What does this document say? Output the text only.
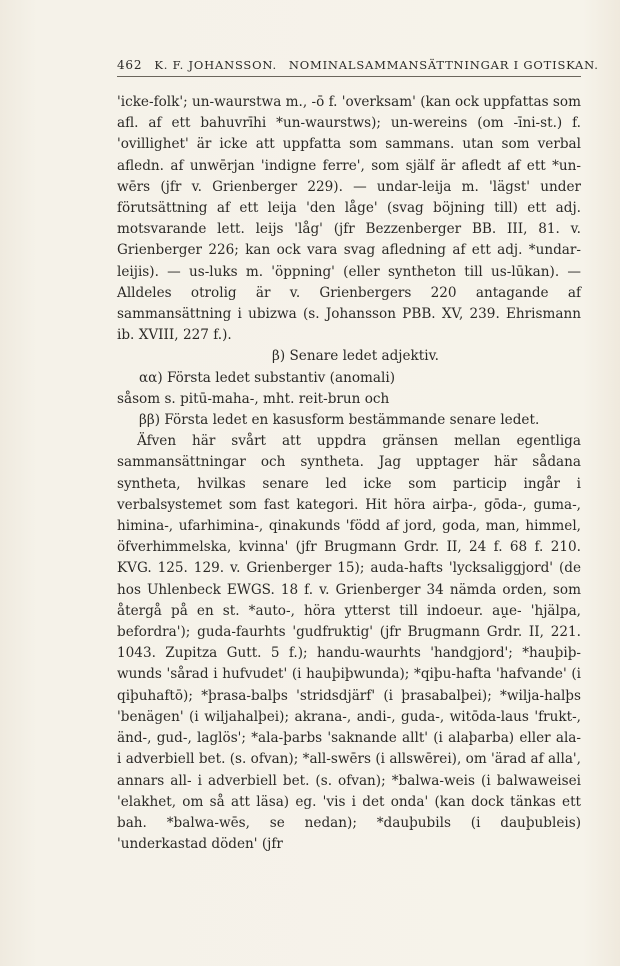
462 K. F. JOHANSSON. NOMINALSAMMANSÄTTNINGAR I GOTISKAN.

'icke-folk'; un-waurstwa m., -ō f. 'overksam' (kan ock uppfattas som afl. af ett bahuvrīhi *un-waurstws); un-wereins (om -īni-st.) f. 'ovillighet' är icke att uppfatta som sammans. utan som verbal afledn. af unwērjan 'indigne ferre', som själf är afledt af ett *un-wērs (jfr v. Grienberger 229). — undar-leija m. 'lägst' under förutsättning af ett leija 'den låge' (svag böjning till) ett adj. motsvarande lett. leijs 'låg' (jfr Bezzenberger BB. III, 81. v. Grienberger 226; kan ock vara svag afledning af ett adj. *undar-leijis). — us-luks m. 'öppning' (eller syntheton till us-lūkan). — Alldeles otrolig är v. Grienbergers 220 antagande af sammansättning i ubizwa (s. Johansson PBB. XV, 239. Ehrismann ib. XVIII, 227 f.).

β) Senare ledet adjektiv.

αα) Första ledet substantiv (anomali)

såsom s. pitū-maha-, mht. reit-brun och

ββ) Första ledet en kasusform bestämmande senare ledet.

Äfven här svårt att uppdra gränsen mellan egentliga sammansättningar och syntheta. Jag upptager här sådana syntheta, hvilkas senare led icke som particip ingår i verbalsystemet som fast kategori. Hit höra airþa-, gōda-, guma-, himina-, ufarhimina-, qinakunds 'född af jord, goda, man, himmel, öfverhimmelska, kvinna' (jfr Brugmann Grdr. II, 24 f. 68 f. 210. KVG. 125. 129. v. Grienberger 15); auda-hafts 'lycksaliggjord' (de hos Uhlenbeck EWGS. 18 f. v. Grienberger 34 nämda orden, som återgå på en st. *auto-, höra ytterst till indoeur. au̯e- 'hjälpa, befordra'); guda-faurhts 'gudfruktig' (jfr Brugmann Grdr. II, 221. 1043. Zupitza Gutt. 5 f.); handu-waurhts 'handgjord'; *hauþiþ-wunds 'sårad i hufvudet' (i hauþiþwunda); *qiþu-hafta 'hafvande' (i qiþuhaftō); *þrasa-balþs 'stridsdjärf' (i þrasabalþei); *wilja-halþs 'benägen' (i wiljahalþei); akrana-, andi-, guda-, witōda-laus 'frukt-, änd-, gud-, laglös'; *ala-þarbs 'saknande allt' (i alaþarba) eller ala- i adverbiell bet. (s. ofvan); *all-swērs (i allswērei), om 'ärad af alla', annars all- i adverbiell bet. (s. ofvan); *balwa-weis (i balwaweisei 'elakhet, om så att läsa) eg. 'vis i det onda' (kan dock tänkas ett bah. *balwa-wēs, se nedan); *dauþubils (i dauþubleis) 'underkastad döden' (jfr
